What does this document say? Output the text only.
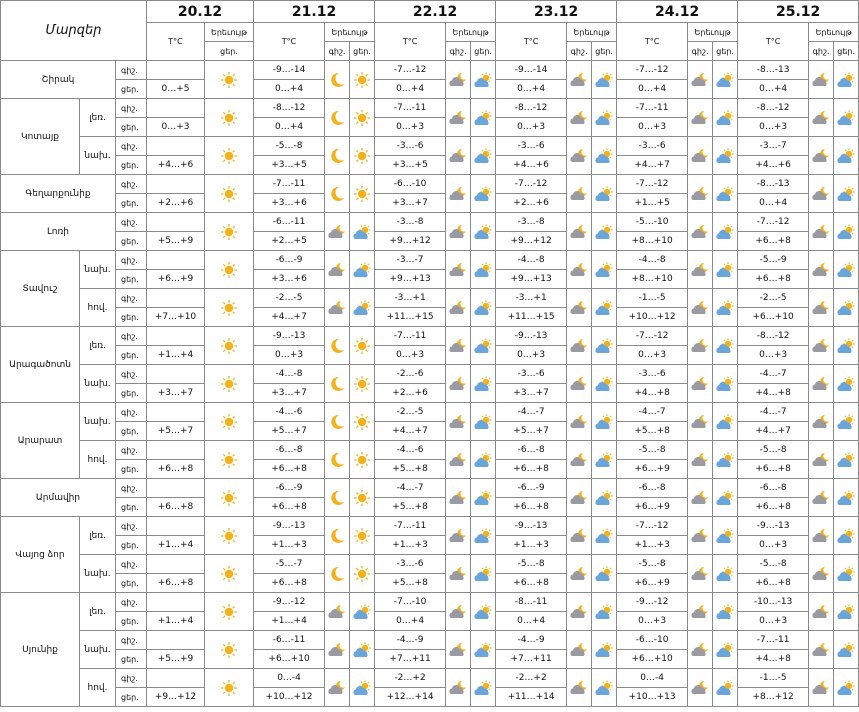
Մարզեր			20.12		21.12			22.12			23.12			24.12			25.12		
			T°C	Երեւույթ	T°C	Երեւույթ		T°C	Երեւույթ		T°C	Երեւույթ		T°C	Երեւույթ		T°C	Երեւույթ	
				ցեր.		գիշ.	ցեր.		գիշ.	ցեր.		գիշ.	ցեր.		գիշ.	ցեր.		գիշ.	ցեր.
Շիրակ		գիշ.			-9…-14			-7…-12			-9…-14			-7…-12			-8…-13	

		ցեր.	0…+5		0…+4			0…+4			0…+4			0…+4			0…+4		
Կոտայք	լեռ.	գիշ.			-8…-12			-7…-11			-8…-12			-7…-11			-8…-12	

		ցեր.	0…+3		0…+4			0…+3			0…+3			0…+3			0…+3		
	նախ.	գիշ.			-5…-8			-3…-6			-3…-6			-3…-6			-3…-7	

		ցեր.	+4…+6		+3…+5			+3…+5			+4…+6			+4…+7			+4…+6		
Գեղարքունիք		գիշ.			-7…-11			-6…-10			-7…-12			-7…-12			-8…-13	

		ցեր.	+2…+6		+3…+6			+3…+7			+2…+6			+1…+5			0…+4		
Լոռի		գիշ.			-6…-11			-3…-8			-3…-8			-5…-10			-7…-12	

		ցեր.	+5…+9		+2…+5			+9…+12			+9…+12			+8…+10			+6…+8		
Տավուշ	նախ.	գիշ.			-6…-9			-3…-7			-4…-8			-4…-8			-5…-9	

		ցեր.	+6…+9		+3…+6			+9…+13			+9…+13			+8…+10			+6…+8		
	հով.	գիշ.			-2…-5			-3…+1			-3…+1			-1…-5			-2…-5	

		ցեր.	+7…+10		+4…+7			+11…+15			+11…+15			+10…+12			+6…+10		
Արագածոտն	լեռ.	գիշ.			-9…-13			-7…-11			-9…-13			-7…-12			-8…-12	

		ցեր.	+1…+4		0…+3			0…+3			0…+3			0…+3			0…+3		
	նախ.	գիշ.			-4…-8			-2…-6			-3…-6			-3…-6			-4…-7	

		ցեր.	+3…+7		+3…+7			+2…+6			+3…+7			+4…+8			+4…+8		
Արարատ	նախ.	գիշ.			-4…-6			-2…-5			-4…-7			-4…-7			-4…-7	

		ցեր.	+5…+7		+5…+7			+4…+7			+5…+7			+5…+8			+4…+7		
	հով.	գիշ.			-6…-8			-4…-6			-6…-8			-5…-8			-5…-8	

		ցեր.	+6…+8		+6…+8			+5…+8			+6…+8			+6…+9			+6…+8		
Արմավիր		գիշ.			-6…-9			-4…-7			-6…-9			-6…-8			-6…-8	

		ցեր.	+6…+8		+6…+8			+5…+8			+6…+8			+6…+9			+6…+8		
Վայոց ձոր	լեռ.	գիշ.			-9…-13			-7…-11			-9…-13			-7…-12			-9…-13	

		ցեր.	+1…+4		+1…+3			+1…+3			+1…+3			+1…+3			0…+3		
	նախ.	գիշ.			-5…-7			-3…-6			-5…-8			-5…-8			-5…-8	

		ցեր.	+6…+8		+6…+8			+5…+8			+6…+8			+6…+9			+6…+8		
Սյունիք	լեռ.	գիշ.			-9…-12			-7…-10			-8…-11			-9…-12			-10…-13	

		ցեր.	+1…+4		+1…+4			0…+4			0…+4			0…+3			0…+3		
	նախ.	գիշ.			-6…-11			-4…-9			-4…-9			-6…-10			-7…-11	

		ցեր.	+5…+9		+6…+10			+7…+11			+7…+11			+6…+10			+4…+8		
	հով.	գիշ.			0…-4			-2…+2			-2…+2			0…-4			-1…-5	

		ցեր.	+9…+12		+10…+12			+12…+14			+11…+14			+10…+13			+8…+12		
